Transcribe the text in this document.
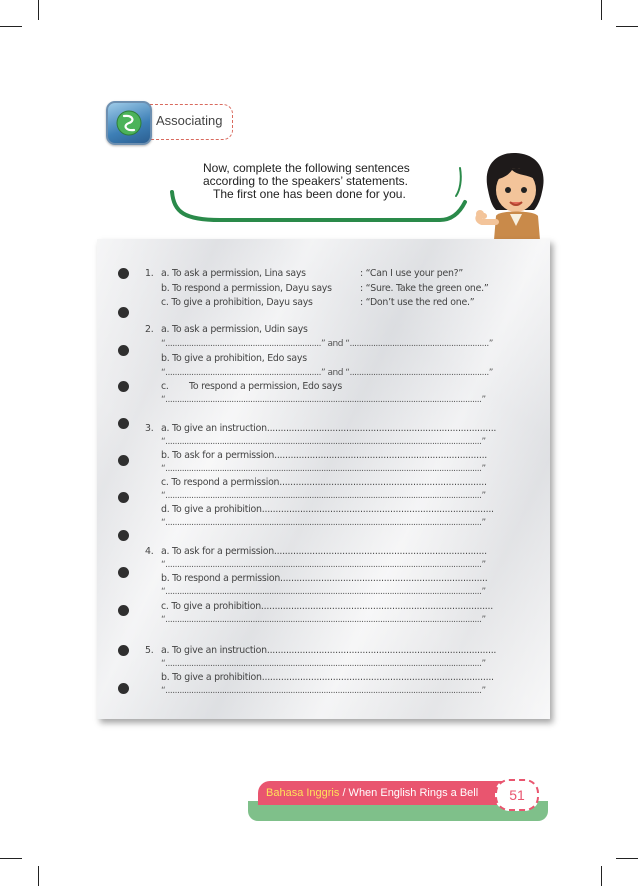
Associating
Now, complete the following sentences
according to the speakers’ statements.

The first one has been done for you.
1. a. To ask a permission, Lina says	: “Can I use your pen?”
b. To respond a permission, Dayu says	: “Sure. Take the green one.”
c. To give a prohibition, Dayu says	: “Don’t use the red one.”
2. a. To ask a permission, Udin says
“..................................................................” and “...........................................................”
b. To give a prohibition, Edo says
“..................................................................” and “...........................................................”
c. To respond a permission, Edo says
“......................................................................................................................................”
3. a. To give an instruction....................................................................................
“......................................................................................................................................”
b. To ask for a permission..............................................................................
“......................................................................................................................................”
c. To respond a permission............................................................................
“......................................................................................................................................”
d. To give a prohibition.....................................................................................
“......................................................................................................................................”
4. a. To ask for a permission..............................................................................
“......................................................................................................................................”
b. To respond a permission............................................................................
“......................................................................................................................................”
c. To give a prohibition.....................................................................................
“......................................................................................................................................”
5. a. To give an instruction....................................................................................
“......................................................................................................................................”
b. To give a prohibition.....................................................................................
“......................................................................................................................................”
Bahasa Inggris / When English Rings a Bell	51
